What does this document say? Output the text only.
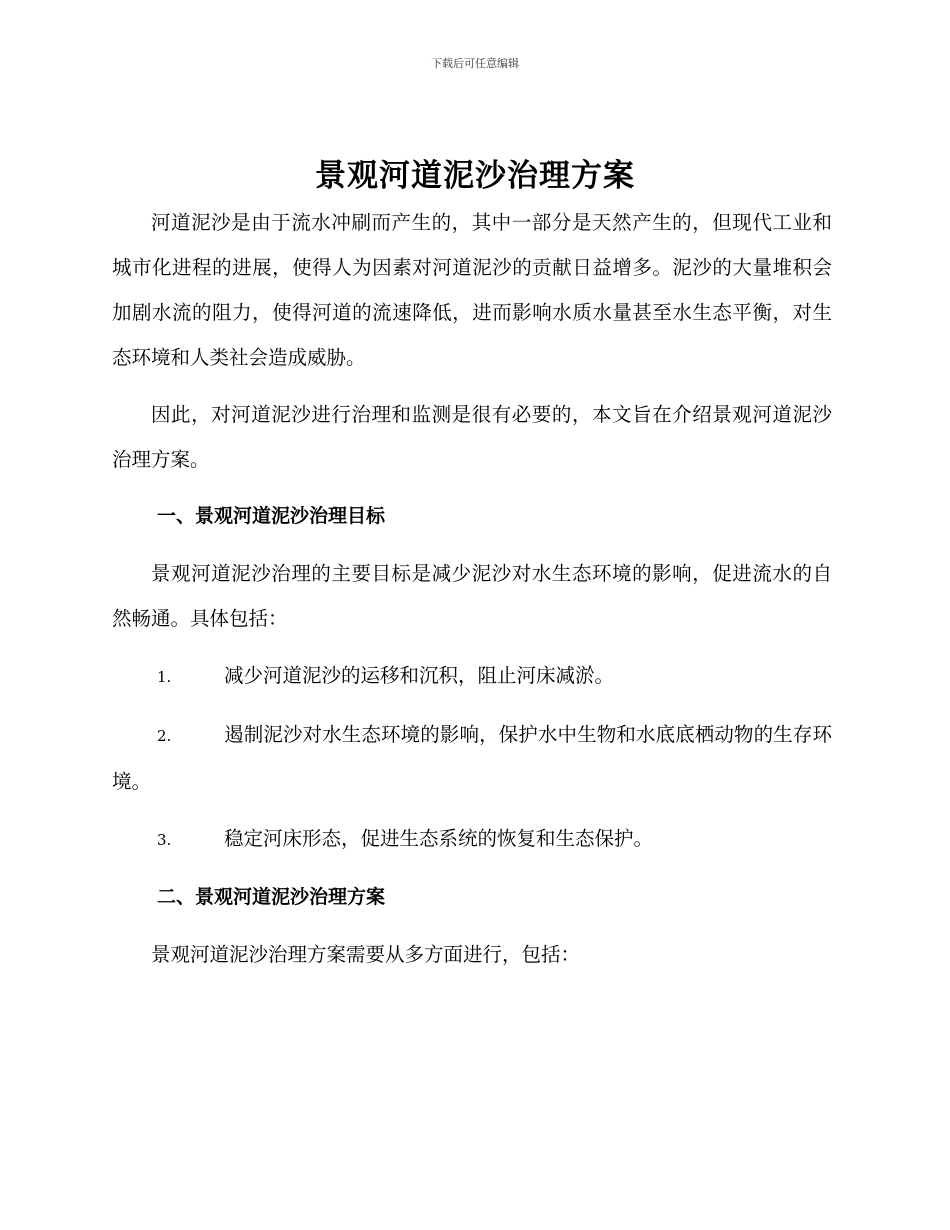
下载后可任意编辑
景观河道泥沙治理方案

河道泥沙是由于流水冲刷而产生的，其中一部分是天然产生的，但现代工业和城市化进程的进展，使得人为因素对河道泥沙的贡献日益增多。泥沙的大量堆积会加剧水流的阻力，使得河道的流速降低，进而影响水质水量甚至水生态平衡，对生态环境和人类社会造成威胁。

因此，对河道泥沙进行治理和监测是很有必要的，本文旨在介绍景观河道泥沙治理方案。

一、景观河道泥沙治理目标

景观河道泥沙治理的主要目标是减少泥沙对水生态环境的影响，促进流水的自然畅通。具体包括：

1.	减少河道泥沙的运移和沉积，阻止河床减淤。

2.	遏制泥沙对水生态环境的影响，保护水中生物和水底底栖动物的生存环境。

3.	稳定河床形态，促进生态系统的恢复和生态保护。

二、景观河道泥沙治理方案

景观河道泥沙治理方案需要从多方面进行，包括：
